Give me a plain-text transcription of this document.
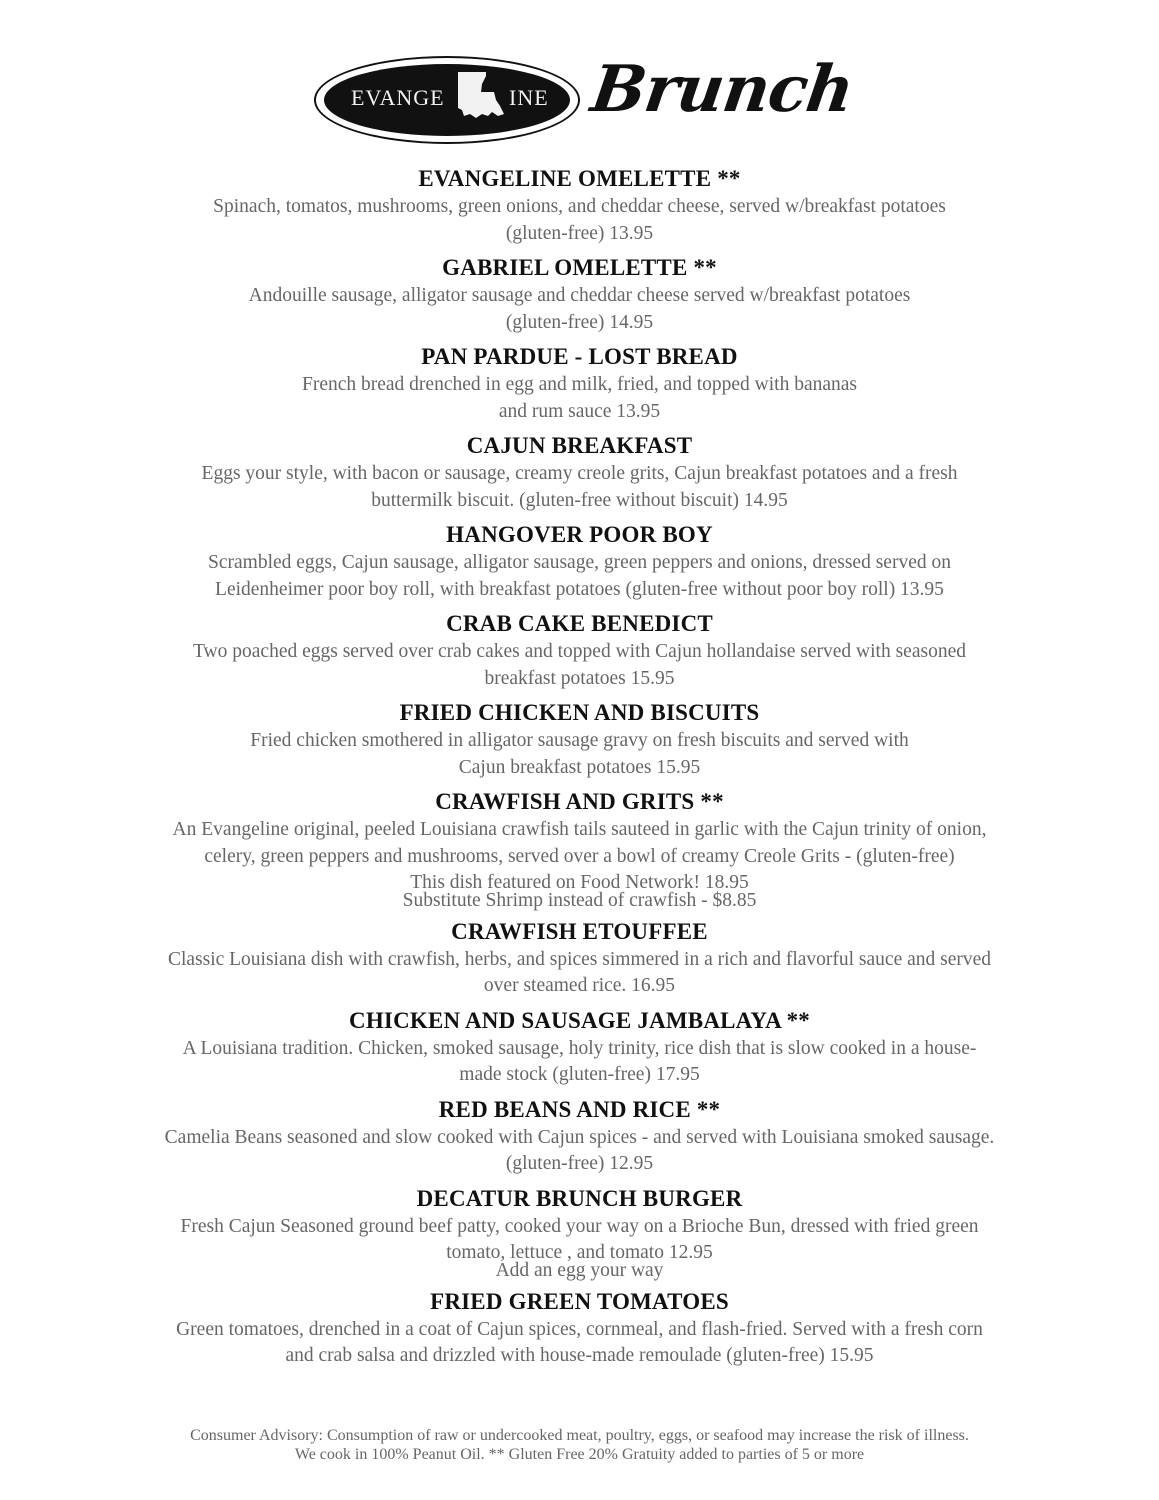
EVANGE	INE Brunch
EVANGELINE OMELETTE **
Spinach, tomatos, mushrooms, green onions, and cheddar cheese, served w/breakfast potatoes
(gluten-free) 13.95
GABRIEL OMELETTE **
Andouille sausage, alligator sausage and cheddar cheese served w/breakfast potatoes
(gluten-free) 14.95
PAN PARDUE - LOST BREAD
French bread drenched in egg and milk, fried, and topped with bananas
and rum sauce 13.95
CAJUN BREAKFAST
Eggs your style, with bacon or sausage, creamy creole grits, Cajun breakfast potatoes and a fresh
buttermilk biscuit. (gluten-free without biscuit) 14.95
HANGOVER POOR BOY
Scrambled eggs, Cajun sausage, alligator sausage, green peppers and onions, dressed served on
Leidenheimer poor boy roll, with breakfast potatoes (gluten-free without poor boy roll) 13.95
CRAB CAKE BENEDICT
Two poached eggs served over crab cakes and topped with Cajun hollandaise served with seasoned
breakfast potatoes 15.95
FRIED CHICKEN AND BISCUITS
Fried chicken smothered in alligator sausage gravy on fresh biscuits and served with
Cajun breakfast potatoes 15.95
CRAWFISH AND GRITS **
An Evangeline original, peeled Louisiana crawfish tails sauteed in garlic with the Cajun trinity of onion,
celery, green peppers and mushrooms, served over a bowl of creamy Creole Grits - (gluten-free)
This dish featured on Food Network! 18.95
Substitute Shrimp instead of crawfish - $8.85
CRAWFISH ETOUFFEE
Classic Louisiana dish with crawfish, herbs, and spices simmered in a rich and flavorful sauce and served
over steamed rice. 16.95
CHICKEN AND SAUSAGE JAMBALAYA **
A Louisiana tradition. Chicken, smoked sausage, holy trinity, rice dish that is slow cooked in a house-
made stock (gluten-free) 17.95
RED BEANS AND RICE **
Camelia Beans seasoned and slow cooked with Cajun spices - and served with Louisiana smoked sausage.
(gluten-free) 12.95
DECATUR BRUNCH BURGER
Fresh Cajun Seasoned ground beef patty, cooked your way on a Brioche Bun, dressed with fried green
tomato, lettuce , and tomato 12.95
Add an egg your way
FRIED GREEN TOMATOES
Green tomatoes, drenched in a coat of Cajun spices, cornmeal, and flash-fried. Served with a fresh corn
and crab salsa and drizzled with house-made remoulade (gluten-free) 15.95
Consumer Advisory: Consumption of raw or undercooked meat, poultry, eggs, or seafood may increase the risk of illness.
We cook in 100% Peanut Oil. ** Gluten Free 20% Gratuity added to parties of 5 or more
